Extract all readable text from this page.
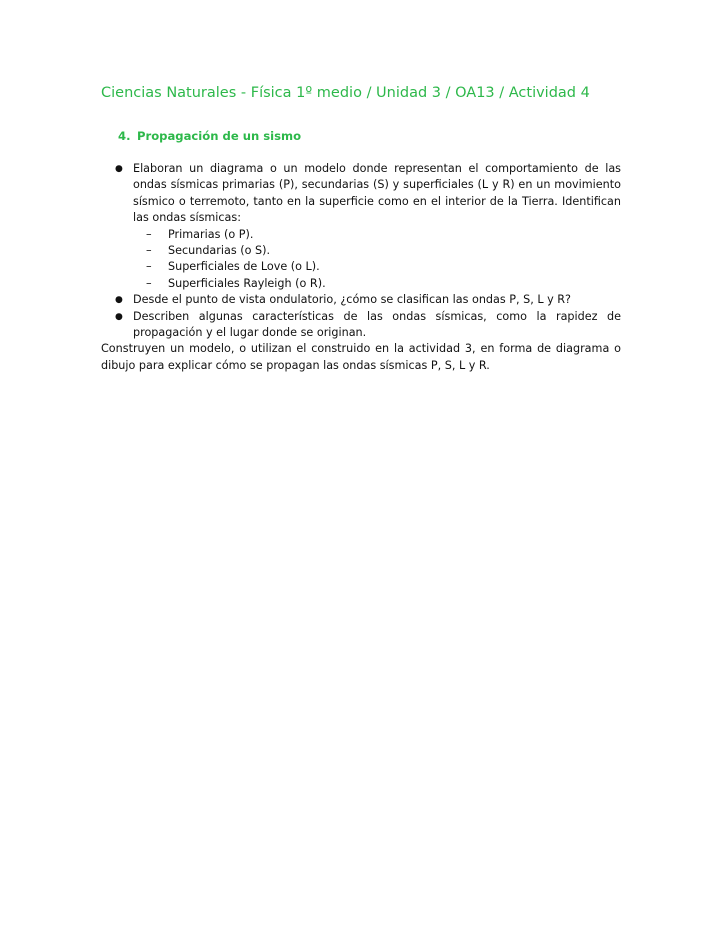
Ciencias Naturales - Física 1º medio / Unidad 3 / OA13 / Actividad 4
4. Propagación de un sismo
● Elaboran un diagrama o un modelo donde representan el comportamiento de las ondas sísmicas primarias (P), secundarias (S) y superficiales (L y R) en un movimiento sísmico o terremoto, tanto en la superficie como en el interior de la Tierra. Identifican las ondas sísmicas:
– Primarias (o P).
– Secundarias (o S).
– Superficiales de Love (o L).
– Superficiales Rayleigh (o R).
● Desde el punto de vista ondulatorio, ¿cómo se clasifican las ondas P, S, L y R?
● Describen algunas características de las ondas sísmicas, como la rapidez de propagación y el lugar donde se originan.

Construyen un modelo, o utilizan el construido en la actividad 3, en forma de diagrama o dibujo para explicar cómo se propagan las ondas sísmicas P, S, L y R.
